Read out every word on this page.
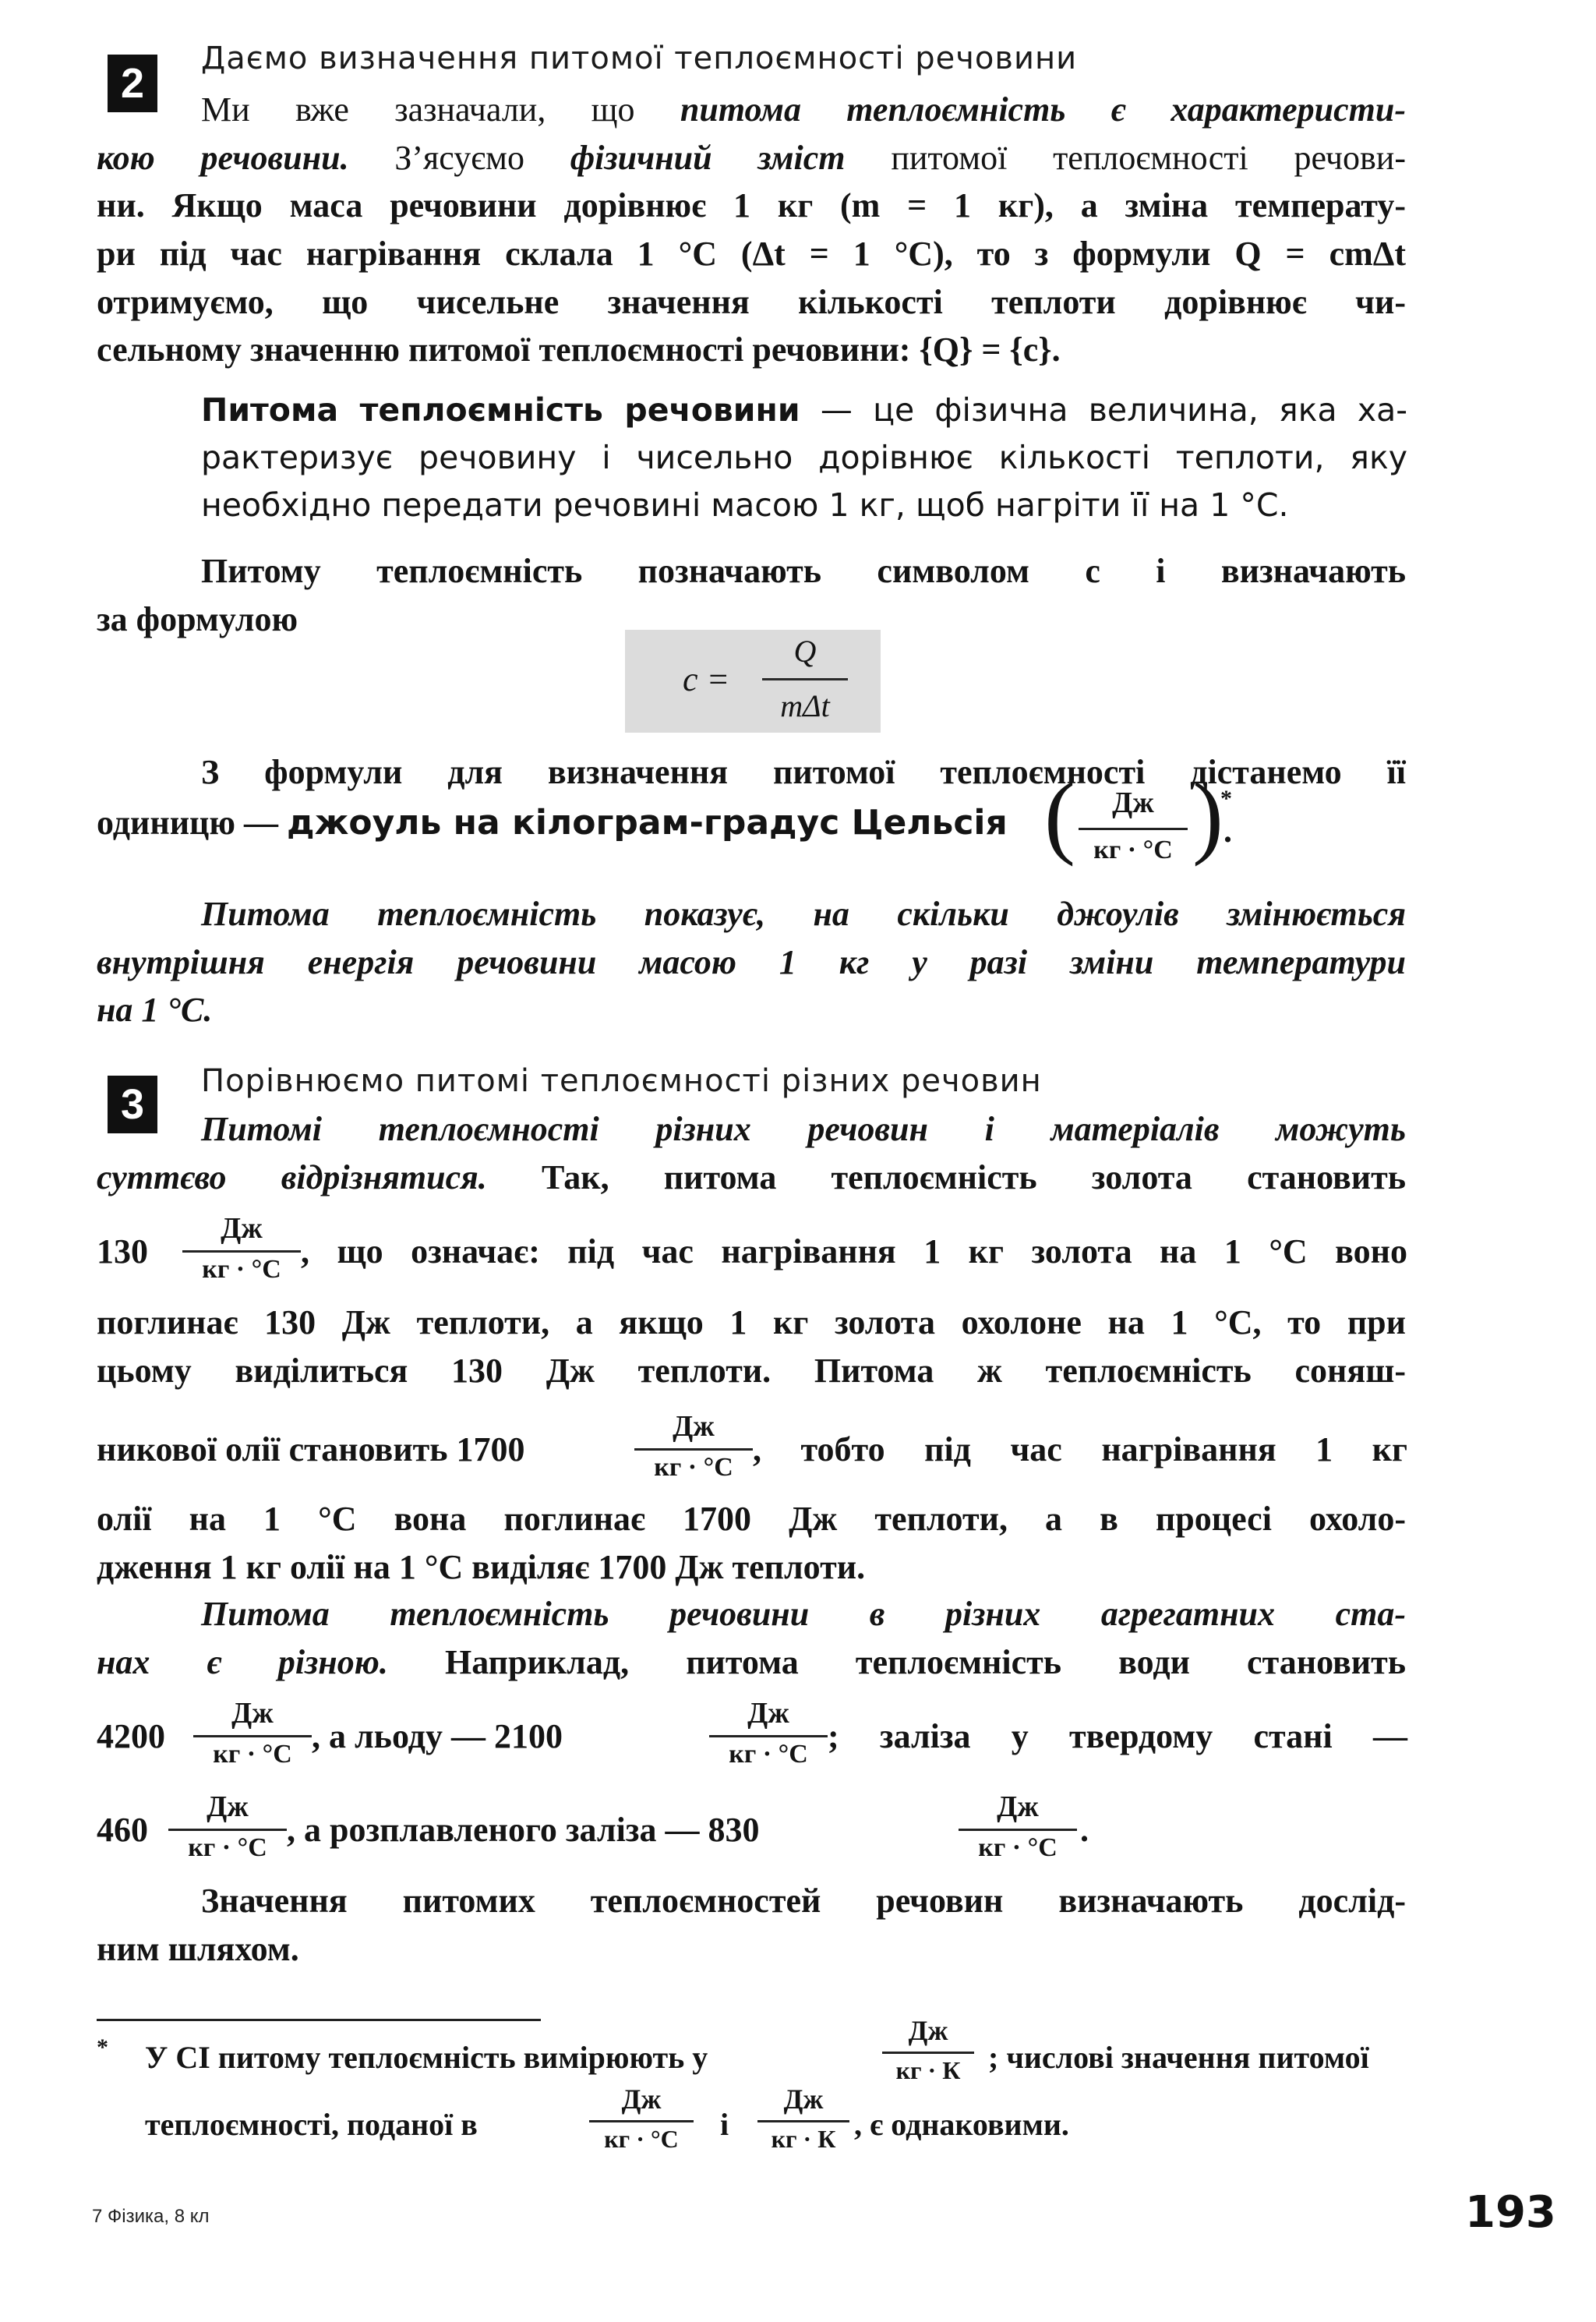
2
Даємо визначення питомої теплоємності речовини
Ми вже зазначали, що питома теплоємність є характеристи-
кою речовини. З’ясуємо фізичний зміст питомої теплоємності речови-
ни. Якщо маса речовини дорівнює 1 кг (m = 1 кг), а зміна температу-
ри під час нагрівання склала 1 °С (Δt = 1 °С), то з формули Q = cmΔt
отримуємо, що чисельне значення кількості теплоти дорівнює чи-
сельному значенню питомої теплоємності речовини: {Q} = {c}.
Питома теплоємність речовини — це фізична величина, яка ха-
рактеризує речовину і чисельно дорівнює кількості теплоти, яку
необхідно передати речовині масою 1 кг, щоб нагріти її на 1 °С.
Питому теплоємність позначають символом c і визначають
за формулою
c =
Q
mΔt
З формули для визначення питомої теплоємності дістанемо її
одиницю — джоуль на кілограм-градус Цельсія (	Дж
кг · °С )
*
.
Питома теплоємність показує, на скільки джоулів змінюється
внутрішня енергія речовини масою 1 кг у разі зміни температури
на 1 °С.
3	Порівнюємо питомі теплоємності різних речовин
Питомі теплоємності різних речовин і матеріалів можуть
суттєво відрізнятися. Так, питома теплоємність золота становить
130
Дж
кг · °С , що означає: під час нагрівання 1 кг золота на 1 °С воно
поглинає 130 Дж теплоти, а якщо 1 кг золота охолоне на 1 °С, то при
цьому виділиться 130 Дж теплоти. Питома ж теплоємність соняш-
никової олії становить 1700
Дж
кг · °С , тобто під час нагрівання 1 кг
олії на 1 °С вона поглинає 1700 Дж теплоти, а в процесі охоло-
дження 1 кг олії на 1 °С виділяє 1700 Дж теплоти.
Питома теплоємність речовини в різних агрегатних ста-
нах є різною. Наприклад, питома теплоємність води становить
4200
Дж
кг · °С , а льоду — 2100
Дж
кг · °С ; заліза у твердому стані —
460
Дж
кг · °С , а розплавленого заліза — 830
Дж
кг · °С .
Значення питомих теплоємностей речовин визначають дослід-
ним шляхом.
* У СІ питому теплоємність вимірюють у
Дж
кг · К ; числові значення питомої
теплоємності, поданої в
Дж
кг · °С	і
Дж
кг · К , є однаковими.
7 Фізика, 8 кл	193
